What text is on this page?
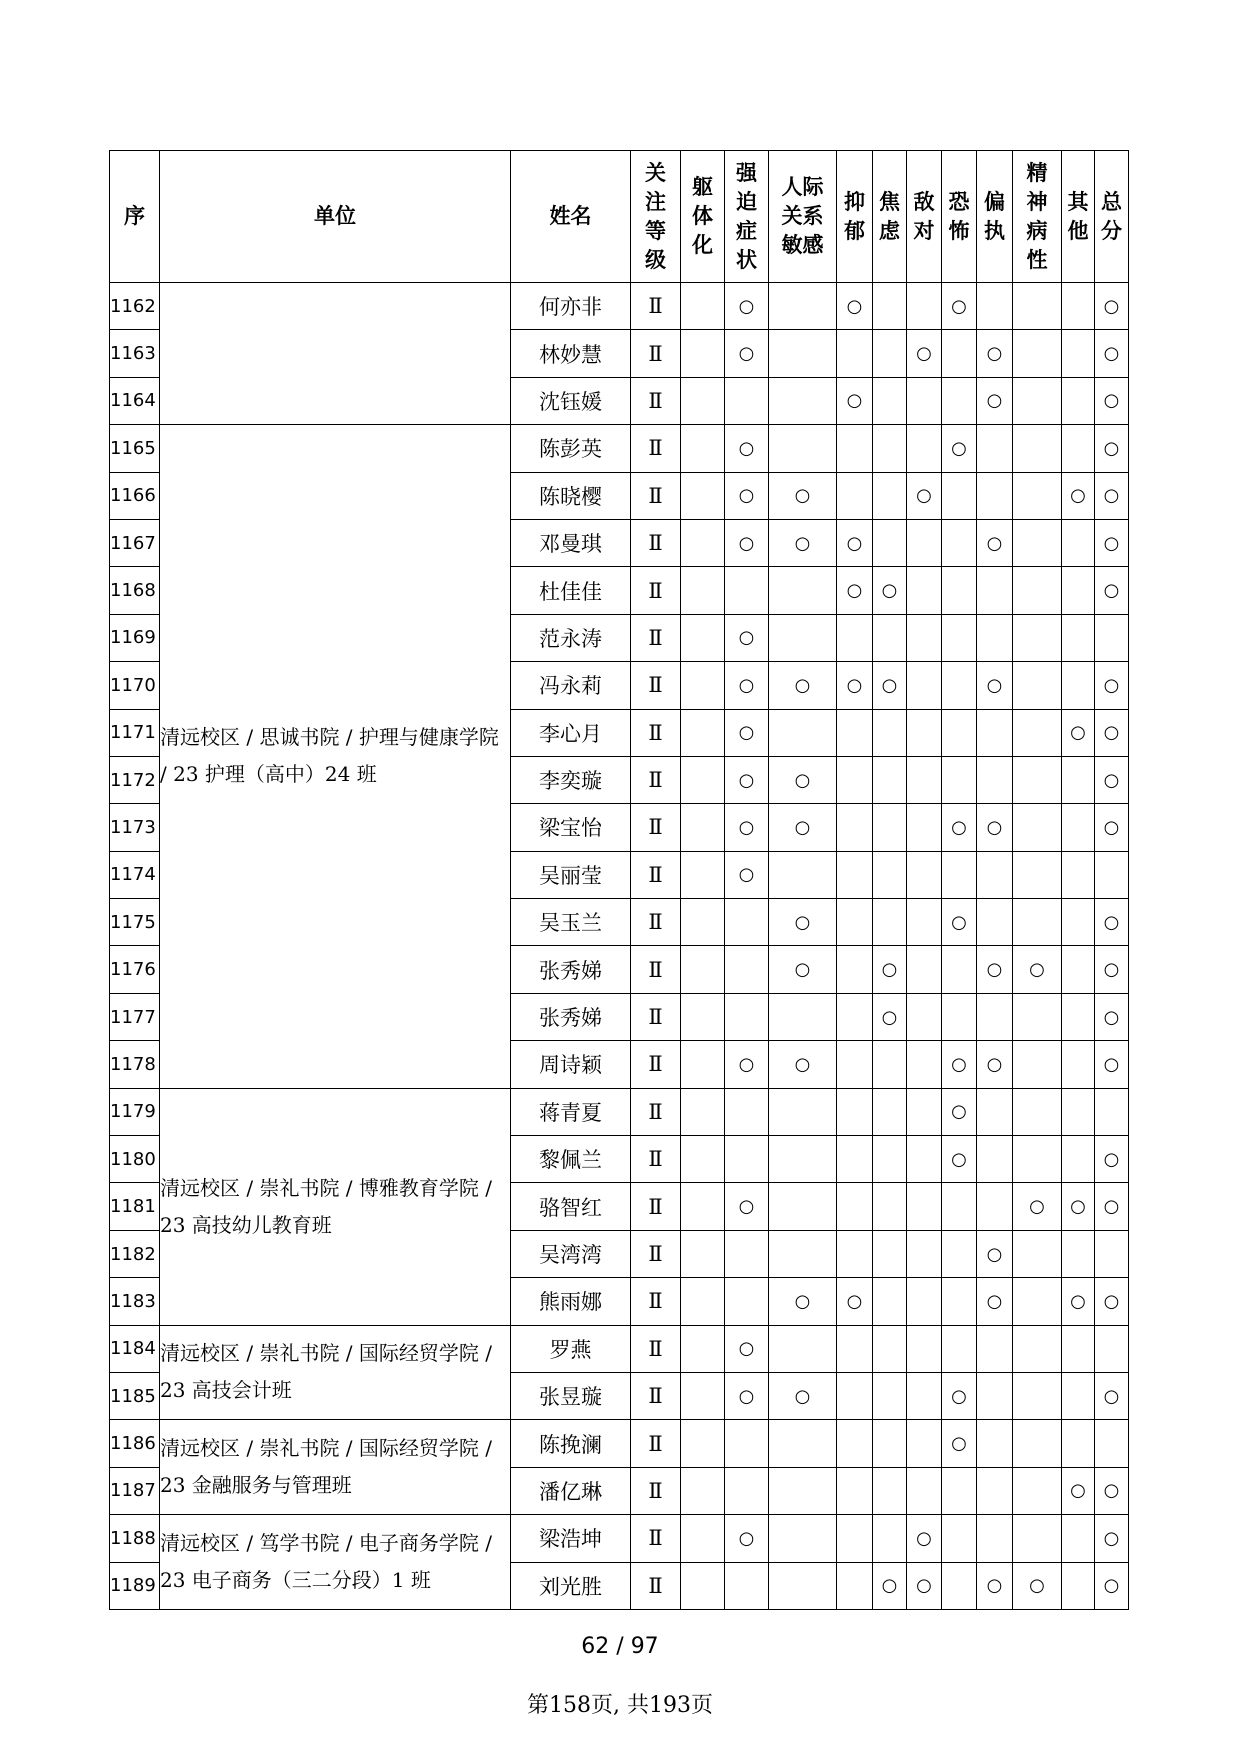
序	单位	姓名	关
注
等
级	躯
体
化	强
迫
症
状	人际
关系
敏感	抑
郁	焦
虑	敌
对	恐
怖	偏
执	精
神
病
性	其
他	总
分
1162		何亦非	Ⅱ		○		○			○				○
1163		林妙慧	Ⅱ		○				○		○			○
1164		沈钰媛	Ⅱ				○				○			○
1165	清远校区 / 思诚书院 / 护理与健康学院 / 23 护理（高中）24 班	陈彭英	Ⅱ		○					○				○
1166		陈晓樱	Ⅱ		○	○			○				○	○
1167		邓曼琪	Ⅱ		○	○	○				○			○
1168		杜佳佳	Ⅱ				○	○						○
1169		范永涛	Ⅱ		○									
1170		冯永莉	Ⅱ		○	○	○	○			○			○
1171		李心月	Ⅱ		○								○	○
1172		李奕璇	Ⅱ		○	○								○
1173		梁宝怡	Ⅱ		○	○				○	○			○
1174		吴丽莹	Ⅱ		○									
1175		吴玉兰	Ⅱ			○				○				○
1176		张秀娣	Ⅱ			○		○			○	○		○
1177		张秀娣	Ⅱ					○						○
1178		周诗颖	Ⅱ		○	○				○	○			○
1179	清远校区 / 崇礼书院 / 博雅教育学院 / 23 高技幼儿教育班	蒋青夏	Ⅱ							○				
1180		黎佩兰	Ⅱ							○				○
1181		骆智红	Ⅱ		○							○	○	○
1182		吴湾湾	Ⅱ								○			
1183		熊雨娜	Ⅱ			○	○				○		○	○
1184	清远校区 / 崇礼书院 / 国际经贸学院 / 23 高技会计班	罗燕	Ⅱ		○									
1185		张昱璇	Ⅱ		○	○				○				○
1186	清远校区 / 崇礼书院 / 国际经贸学院 / 23 金融服务与管理班	陈挽澜	Ⅱ							○				
1187		潘亿琳	Ⅱ										○	○
1188	清远校区 / 笃学书院 / 电子商务学院 / 23 电子商务（三二分段）1 班	梁浩坤	Ⅱ		○				○					○
1189		刘光胜	Ⅱ					○	○		○	○		○
62 / 97
第158页, 共193页
